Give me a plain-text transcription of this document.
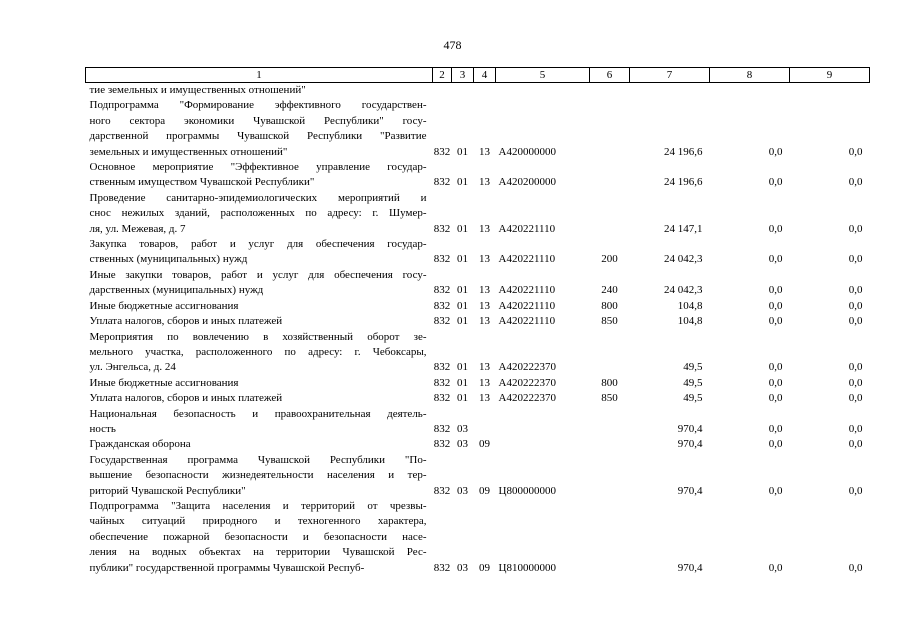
478
1	2	3	4	5	6	7	8	9

тие земельных и имущественных отношений"								

Подпрограмма "Формирование эффективного государствен-
ного сектора экономики Чувашской Республики" госу-
дарственной программы Чувашской Республики "Развитие
земельных и имущественных отношений"	832	01	13	А420000000		24 196,6	0,0	0,0

Основное мероприятие "Эффективное управление государ-
ственным имуществом Чувашской Республики"	832	01	13	А420200000		24 196,6	0,0	0,0

Проведение санитарно-эпидемиологических мероприятий и
снос нежилых зданий, расположенных по адресу: г. Шумер-
ля, ул. Межевая, д. 7	832	01	13	А420221110		24 147,1	0,0	0,0

Закупка товаров, работ и услуг для обеспечения государ-
ственных (муниципальных) нужд	832	01	13	А420221110	200	24 042,3	0,0	0,0

Иные закупки товаров, работ и услуг для обеспечения госу-
дарственных (муниципальных) нужд	832	01	13	А420221110	240	24 042,3	0,0	0,0

Иные бюджетные ассигнования	832	01	13	А420221110	800	104,8	0,0	0,0

Уплата налогов, сборов и иных платежей	832	01	13	А420221110	850	104,8	0,0	0,0

Мероприятия по вовлечению в хозяйственный оборот зе-
мельного участка, расположенного по адресу: г. Чебоксары,
ул. Энгельса, д. 24	832	01	13	А420222370		49,5	0,0	0,0

Иные бюджетные ассигнования	832	01	13	А420222370	800	49,5	0,0	0,0

Уплата налогов, сборов и иных платежей	832	01	13	А420222370	850	49,5	0,0	0,0

Национальная безопасность и правоохранительная деятель-
ность	832	03				970,4	0,0	0,0

Гражданская оборона	832	03	09			970,4	0,0	0,0

Государственная программа Чувашской Республики "По-
вышение безопасности жизнедеятельности населения и тер-
риторий Чувашской Республики"	832	03	09	Ц800000000		970,4	0,0	0,0

Подпрограмма "Защита населения и территорий от чрезвы-
чайных ситуаций природного и техногенного характера,
обеспечение пожарной безопасности и безопасности насе-
ления на водных объектах на территории Чувашской Рес-
публики" государственной программы Чувашской Респуб-	832	03	09	Ц810000000		970,4	0,0	0,0
